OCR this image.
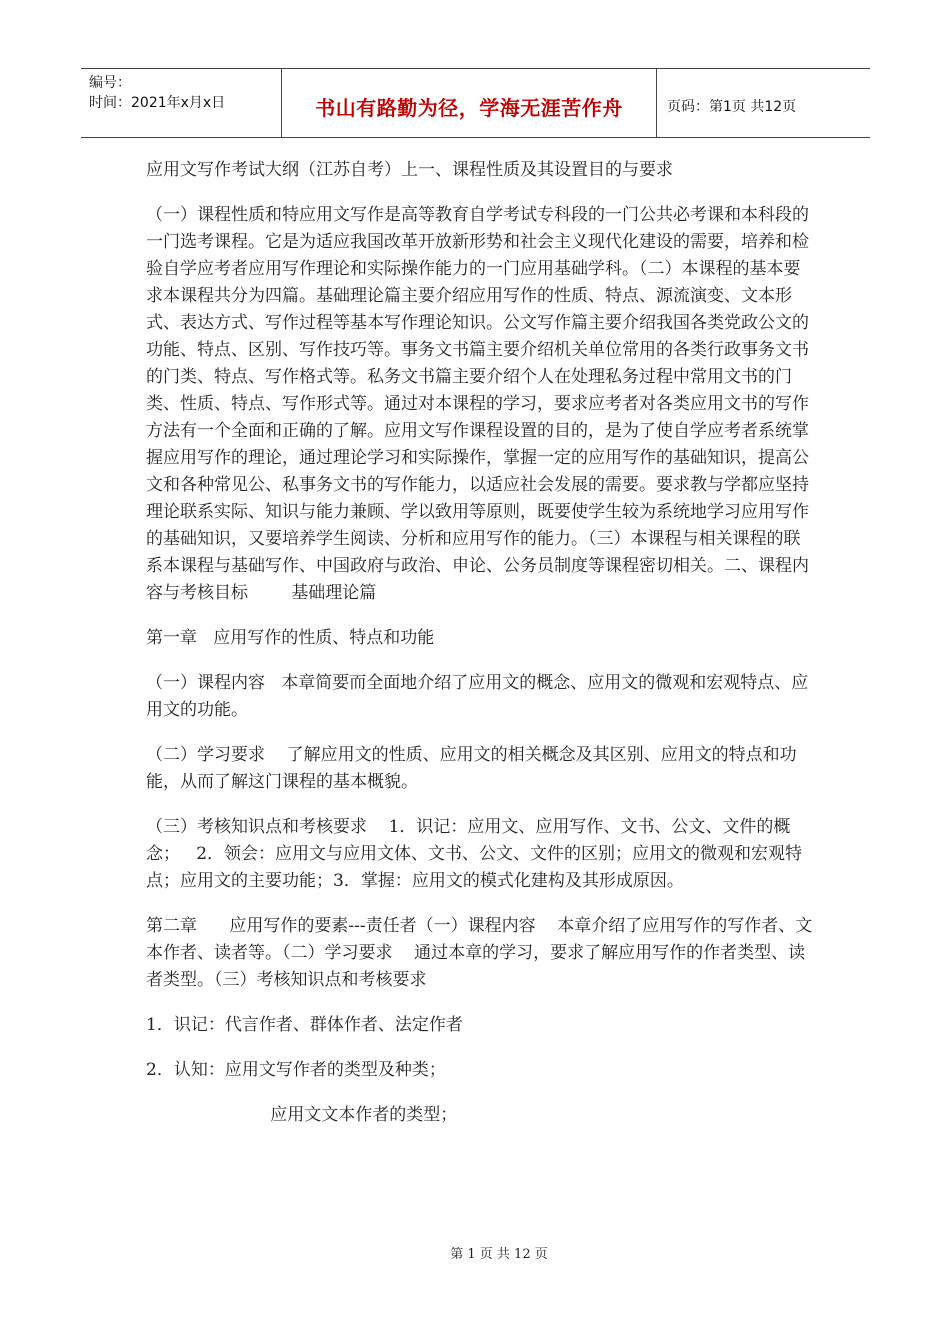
编号：
时间：2021年x月x日	书山有路勤为径，学海无涯苦作舟	页码：第1页 共12页

应用文写作考试大纲（江苏自考）上一、课程性质及其设置目的与要求

（一）课程性质和特应用文写作是高等教育自学考试专科段的一门公共必考课和本科段的一门选考课程。它是为适应我国改革开放新形势和社会主义现代化建设的需要，培养和检验自学应考者应用写作理论和实际操作能力的一门应用基础学科。（二）本课程的基本要求本课程共分为四篇。基础理论篇主要介绍应用写作的性质、特点、源流演变、文本形式、表达方式、写作过程等基本写作理论知识。公文写作篇主要介绍我国各类党政公文的功能、特点、区别、写作技巧等。事务文书篇主要介绍机关单位常用的各类行政事务文书的门类、特点、写作格式等。私务文书篇主要介绍个人在处理私务过程中常用文书的门类、性质、特点、写作形式等。通过对本课程的学习，要求应考者对各类应用文书的写作方法有一个全面和正确的了解。应用文写作课程设置的目的，是为了使自学应考者系统掌握应用写作的理论，通过理论学习和实际操作，掌握一定的应用写作的基础知识，提高公文和各种常见公、私事务文书的写作能力，以适应社会发展的需要。要求教与学都应坚持理论联系实际、知识与能力兼顾、学以致用等原则，既要使学生较为系统地学习应用写作的基础知识，又要培养学生阅读、分析和应用写作的能力。（三）本课程与相关课程的联系本课程与基础写作、中国政府与政治、申论、公务员制度等课程密切相关。二、课程内容与考核目标        基础理论篇

第一章   应用写作的性质、特点和功能

（一）课程内容   本章简要而全面地介绍了应用文的概念、应用文的微观和宏观特点、应用文的功能。

（二）学习要求    了解应用文的性质、应用文的相关概念及其区别、应用文的特点和功能，从而了解这门课程的基本概貌。

（三）考核知识点和考核要求    1．识记：应用文、应用写作、文书、公文、文件的概念；   2．领会：应用文与应用文体、文书、公文、文件的区别；应用文的微观和宏观特点；应用文的主要功能；3．掌握：应用文的模式化建构及其形成原因。

第二章      应用写作的要素---责任者（一）课程内容    本章介绍了应用写作的写作者、文本作者、读者等。（二）学习要求    通过本章的学习，要求了解应用写作的作者类型、读者类型。（三）考核知识点和考核要求

1．识记：代言作者、群体作者、法定作者

2．认知：应用文写作者的类型及种类；

应用文文本作者的类型；

第 1 页 共 12 页
